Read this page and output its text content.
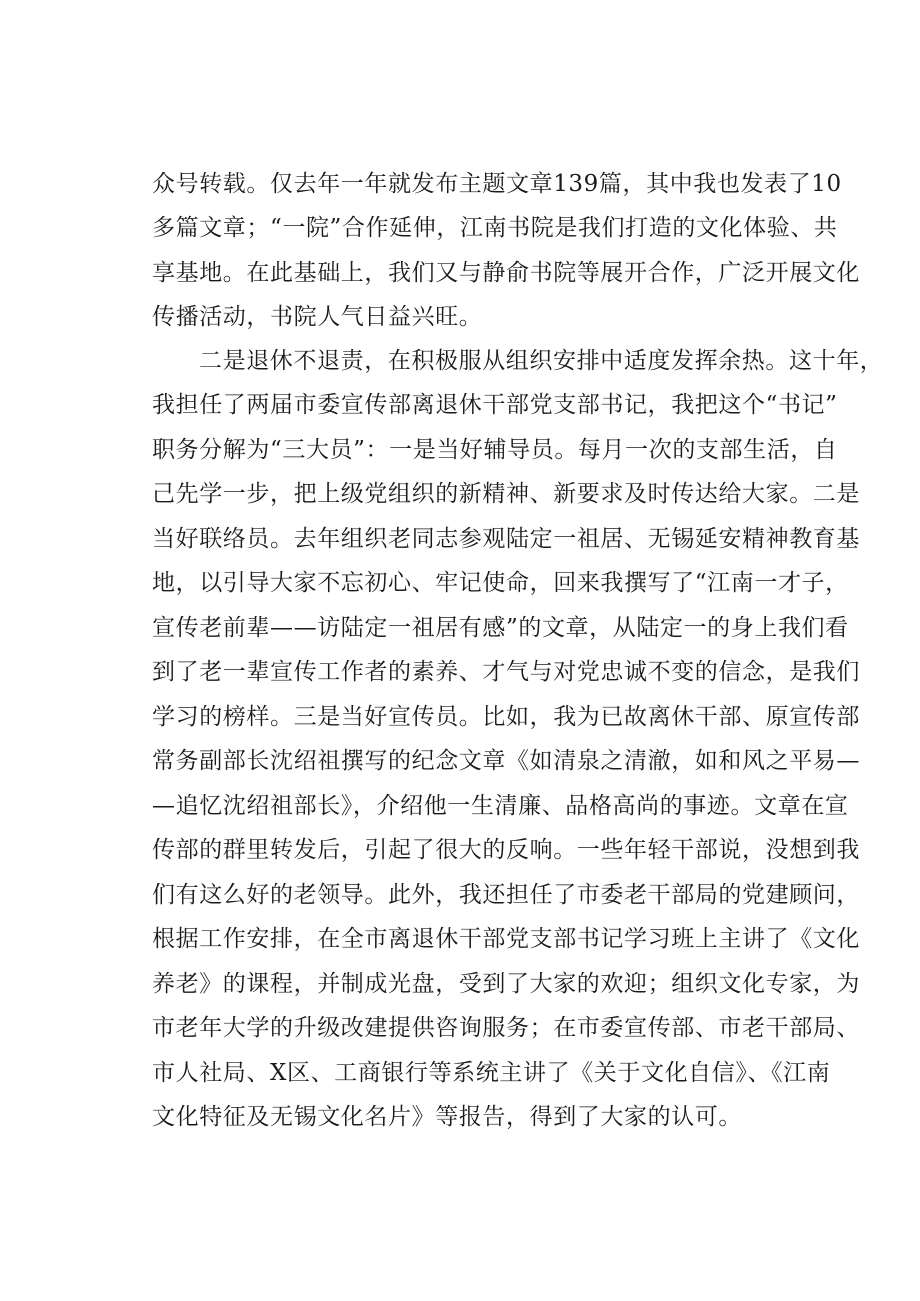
众号转载。仅去年一年就发布主题文章139篇，其中我也发表了10
多篇文章；“一院”合作延伸，江南书院是我们打造的文化体验、共
享基地。在此基础上，我们又与静俞书院等展开合作，广泛开展文化
传播活动，书院人气日益兴旺。
二是退休不退责，在积极服从组织安排中适度发挥余热。这十年，
我担任了两届市委宣传部离退休干部党支部书记，我把这个“书记”
职务分解为“三大员”：一是当好辅导员。每月一次的支部生活，自
己先学一步，把上级党组织的新精神、新要求及时传达给大家。二是
当好联络员。去年组织老同志参观陆定一祖居、无锡延安精神教育基
地，以引导大家不忘初心、牢记使命，回来我撰写了“江南一才子，
宣传老前辈——访陆定一祖居有感”的文章，从陆定一的身上我们看
到了老一辈宣传工作者的素养、才气与对党忠诚不变的信念，是我们
学习的榜样。三是当好宣传员。比如，我为已故离休干部、原宣传部
常务副部长沈绍祖撰写的纪念文章《如清泉之清澈，如和风之平易—
—追忆沈绍祖部长》，介绍他一生清廉、品格高尚的事迹。文章在宣
传部的群里转发后，引起了很大的反响。一些年轻干部说，没想到我
们有这么好的老领导。此外，我还担任了市委老干部局的党建顾问，
根据工作安排，在全市离退休干部党支部书记学习班上主讲了《文化
养老》的课程，并制成光盘，受到了大家的欢迎；组织文化专家，为
市老年大学的升级改建提供咨询服务；在市委宣传部、市老干部局、
市人社局、X区、工商银行等系统主讲了《关于文化自信》、《江南
文化特征及无锡文化名片》等报告，得到了大家的认可。
